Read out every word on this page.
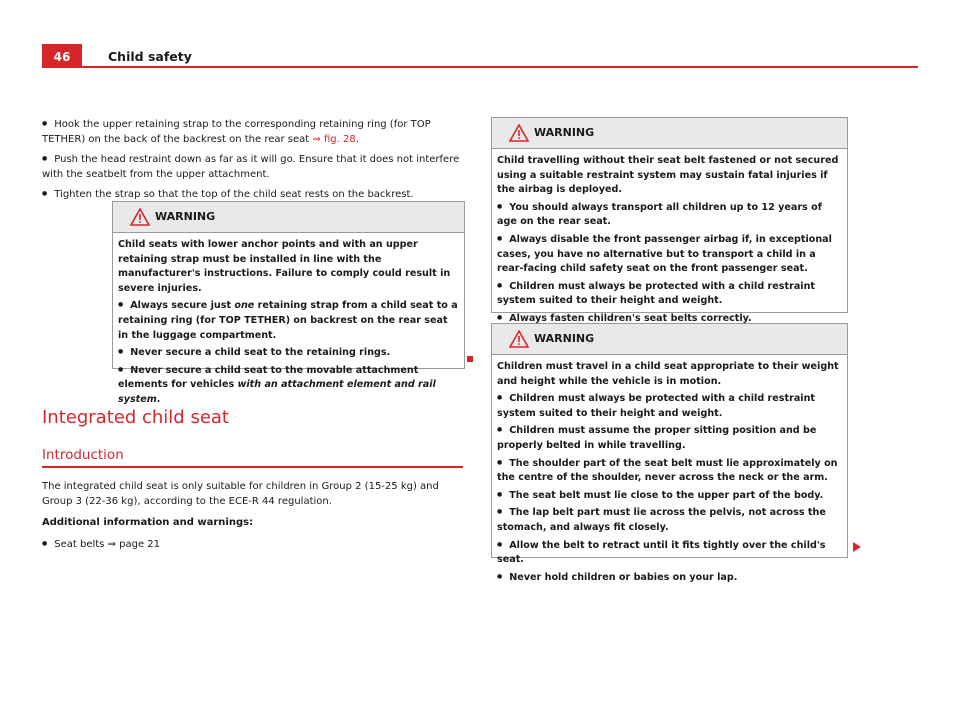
46	Child safety

● Hook the upper retaining strap to the corresponding retaining ring (for TOP TETHER) on the back of the backrest on the rear seat ⇒ fig. 28.

● Push the head restraint down as far as it will go. Ensure that it does not interfere with the seatbelt from the upper attachment.

● Tighten the strap so that the top of the child seat rests on the backrest.

WARNING

Child seats with lower anchor points and with an upper retaining strap must be installed in line with the manufacturer's instructions. Failure to comply could result in severe injuries.

● Always secure just one retaining strap from a child seat to a retaining ring (for TOP TETHER) on backrest on the rear seat in the luggage compartment.

● Never secure a child seat to the retaining rings.

● Never secure a child seat to the movable attachment elements for vehicles with an attachment element and rail system.

Integrated child seat
Introduction

The integrated child seat is only suitable for children in Group 2 (15-25 kg) and Group 3 (22-36 kg), according to the ECE-R 44 regulation.

Additional information and warnings:

● Seat belts ⇒ page 21

WARNING

Child travelling without their seat belt fastened or not secured using a suitable restraint system may sustain fatal injuries if the airbag is deployed.

● You should always transport all children up to 12 years of age on the rear seat.

● Always disable the front passenger airbag if, in exceptional cases, you have no alternative but to transport a child in a rear-facing child safety seat on the front passenger seat.

● Children must always be protected with a child restraint system suited to their height and weight.

● Always fasten children's seat belts correctly.

WARNING

Children must travel in a child seat appropriate to their weight and height while the vehicle is in motion.

● Children must always be protected with a child restraint system suited to their height and weight.

● Children must assume the proper sitting position and be properly belted in while travelling.

● The shoulder part of the seat belt must lie approximately on the centre of the shoulder, never across the neck or the arm.

● The seat belt must lie close to the upper part of the body.

● The lap belt part must lie across the pelvis, not across the stomach, and always fit closely.

● Allow the belt to retract until it fits tightly over the child's seat.

● Never hold children or babies on your lap.
